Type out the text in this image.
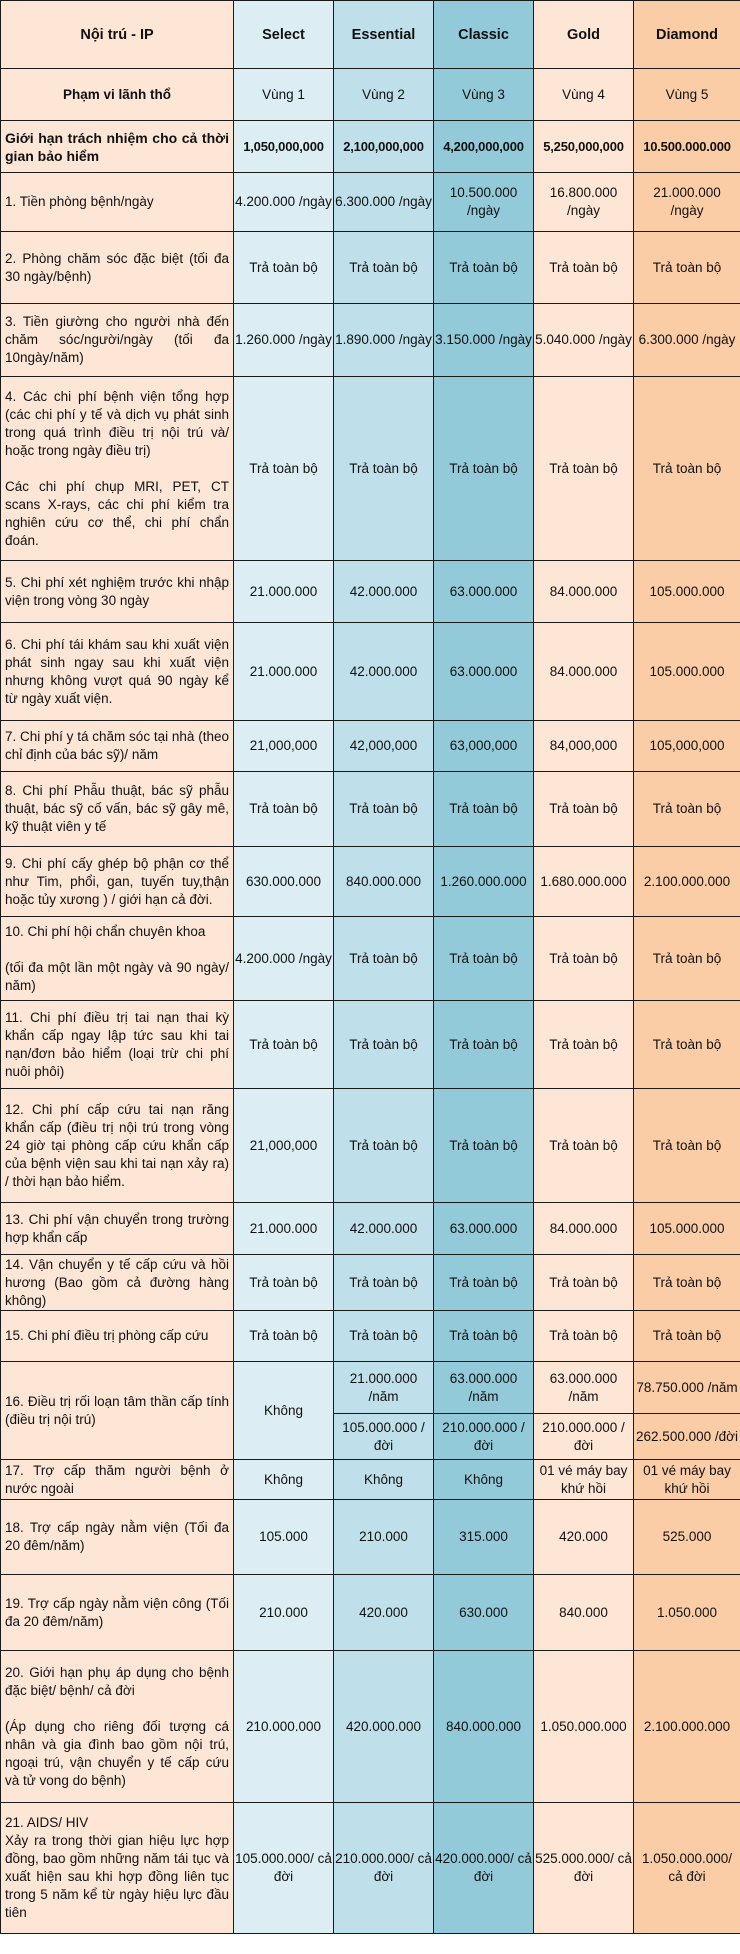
Nội trú - IP	Select	Essential	Classic	Gold	Diamond
Phạm vi lãnh thổ	Vùng 1	Vùng 2	Vùng 3	Vùng 4	Vùng 5
Giới hạn trách nhiệm cho cả thời gian bảo hiểm	1,050,000,000	2,100,000,000	4,200,000,000	5,250,000,000	10.500.000.000
1. Tiền phòng bệnh/ngày	4.200.000 /ngày	6.300.000 /ngày	10.500.000 /ngày	16.800.000 /ngày	21.000.000 /ngày
2. Phòng chăm sóc đặc biệt (tối đa 30 ngày/bệnh)	Trả toàn bộ	Trả toàn bộ	Trả toàn bộ	Trả toàn bộ	Trả toàn bộ
3. Tiền giường cho người nhà đến chăm sóc/người/ngày (tối đa 10ngày/năm)	1.260.000 /ngày	1.890.000 /ngày	3.150.000 /ngày	5.040.000 /ngày	6.300.000 /ngày
4. Các chi phí bệnh viện tổng hợp (các chi phí y tế và dịch vụ phát sinh trong quá trình điều trị nội trú và/ hoặc trong ngày điều trị)

Các chi phí chụp MRI, PET, CT scans X-rays, các chi phí kiểm tra nghiên cứu cơ thể, chi phí chẩn đoán.	Trả toàn bộ	Trả toàn bộ	Trả toàn bộ	Trả toàn bộ	Trả toàn bộ
5. Chi phí xét nghiệm trước khi nhập viện trong vòng 30 ngày	21.000.000	42.000.000	63.000.000	84.000.000	105.000.000
6. Chi phí tái khám sau khi xuất viện phát sinh ngay sau khi xuất viện nhưng không vượt quá 90 ngày kể từ ngày xuất viện.	21.000.000	42.000.000	63.000.000	84.000.000	105.000.000
7. Chi phí y tá chăm sóc tại nhà (theo chỉ định của bác sỹ)/ năm	21,000,000	42,000,000	63,000,000	84,000,000	105,000,000
8. Chi phí Phẫu thuật, bác sỹ phẫu thuật, bác sỹ cố vấn, bác sỹ gây mê, kỹ thuật viên y tế	Trả toàn bộ	Trả toàn bộ	Trả toàn bộ	Trả toàn bộ	Trả toàn bộ
9. Chi phí cấy ghép bộ phận cơ thể như Tim, phổi, gan, tuyến tuy,thận hoặc tủy xương ) / giới hạn cả đời.	630.000.000	840.000.000	1.260.000.000	1.680.000.000	2.100.000.000
10. Chi phí hội chẩn chuyên khoa

(tối đa một lần một ngày và 90 ngày/ năm)	4.200.000 /ngày	Trả toàn bộ	Trả toàn bộ	Trả toàn bộ	Trả toàn bộ
11. Chi phí điều trị tai nạn thai kỳ khẩn cấp ngay lập tức sau khi tai nạn/đơn bảo hiểm (loại trừ chi phí nuôi phôi)	Trả toàn bộ	Trả toàn bộ	Trả toàn bộ	Trả toàn bộ	Trả toàn bộ
12. Chi phí cấp cứu tai nạn răng khẩn cấp (điều trị nội trú trong vòng 24 giờ tại phòng cấp cứu khẩn cấp của bệnh viện sau khi tai nạn xảy ra) / thời hạn bảo hiểm.	21,000,000	Trả toàn bộ	Trả toàn bộ	Trả toàn bộ	Trả toàn bộ
13. Chi phí vận chuyển trong trường hợp khẩn cấp	21.000.000	42.000.000	63.000.000	84.000.000	105.000.000
14. Vận chuyển y tế cấp cứu và hồi hương (Bao gồm cả đường hàng không)	Trả toàn bộ	Trả toàn bộ	Trả toàn bộ	Trả toàn bộ	Trả toàn bộ
15. Chi phí điều trị phòng cấp cứu	Trả toàn bộ	Trả toàn bộ	Trả toàn bộ	Trả toàn bộ	Trả toàn bộ
16. Điều trị rối loạn tâm thần cấp tính (điều trị nội trú)	Không	21.000.000 /năm	63.000.000 /năm	63.000.000 /năm	78.750.000 /năm
		105.000.000 /đời	210.000.000 /đời	210.000.000 /đời	262.500.000 /đời
17. Trợ cấp thăm người bệnh ở nước ngoài	Không	Không	Không	01 vé máy bay khứ hồi	01 vé máy bay khứ hồi
18. Trợ cấp ngày nằm viện (Tối đa 20 đêm/năm)	105.000	210.000	315.000	420.000	525.000
19. Trợ cấp ngày nằm viện công (Tối đa 20 đêm/năm)	210.000	420.000	630.000	840.000	1.050.000
20. Giới hạn phụ áp dụng cho bệnh đặc biệt/ bệnh/ cả đời

(Áp dụng cho riêng đối tượng cá nhân và gia đình bao gồm nội trú, ngoại trú, vận chuyển y tế cấp cứu và tử vong do bệnh)	210.000.000	420.000.000	840.000.000	1.050.000.000	2.100.000.000
21. AIDS/ HIV
Xảy ra trong thời gian hiệu lực hợp đồng, bao gồm những năm tái tục và xuất hiện sau khi hợp đồng liên tục trong 5 năm kể từ ngày hiệu lực đầu tiên	105.000.000/ cả đời	210.000.000/ cả đời	420.000.000/ cả đời	525.000.000/ cả đời	1.050.000.000/ cả đời
